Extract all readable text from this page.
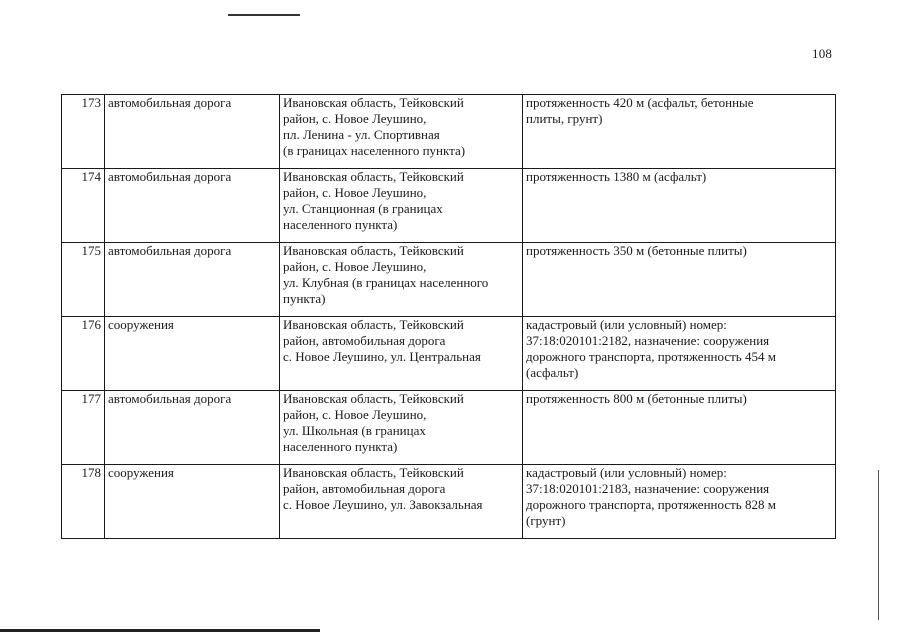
108
173	автомобильная дорога	Ивановская область, Тейковский
район, с. Новое Леушино,
пл. Ленина - ул. Спортивная
(в границах населенного пункта)	протяженность 420 м (асфальт, бетонные
плиты, грунт)

174	автомобильная дорога	Ивановская область, Тейковский
район, с. Новое Леушино,
ул. Станционная (в границах
населенного пункта)	протяженность 1380 м (асфальт)

175	автомобильная дорога	Ивановская область, Тейковский
район, с. Новое Леушино,
ул. Клубная (в границах населенного
пункта)	протяженность 350 м (бетонные плиты)

176	сооружения	Ивановская область, Тейковский
район, автомобильная дорога
с. Новое Леушино, ул. Центральная	кадастровый (или условный) номер:
37:18:020101:2182, назначение: сооружения
дорожного транспорта, протяженность 454 м
(асфальт)

177	автомобильная дорога	Ивановская область, Тейковский
район, с. Новое Леушино,
ул. Школьная (в границах
населенного пункта)	протяженность 800 м (бетонные плиты)

178	сооружения	Ивановская область, Тейковский
район, автомобильная дорога
с. Новое Леушино, ул. Завокзальная	кадастровый (или условный) номер:
37:18:020101:2183, назначение: сооружения
дорожного транспорта, протяженность 828 м
(грунт)
